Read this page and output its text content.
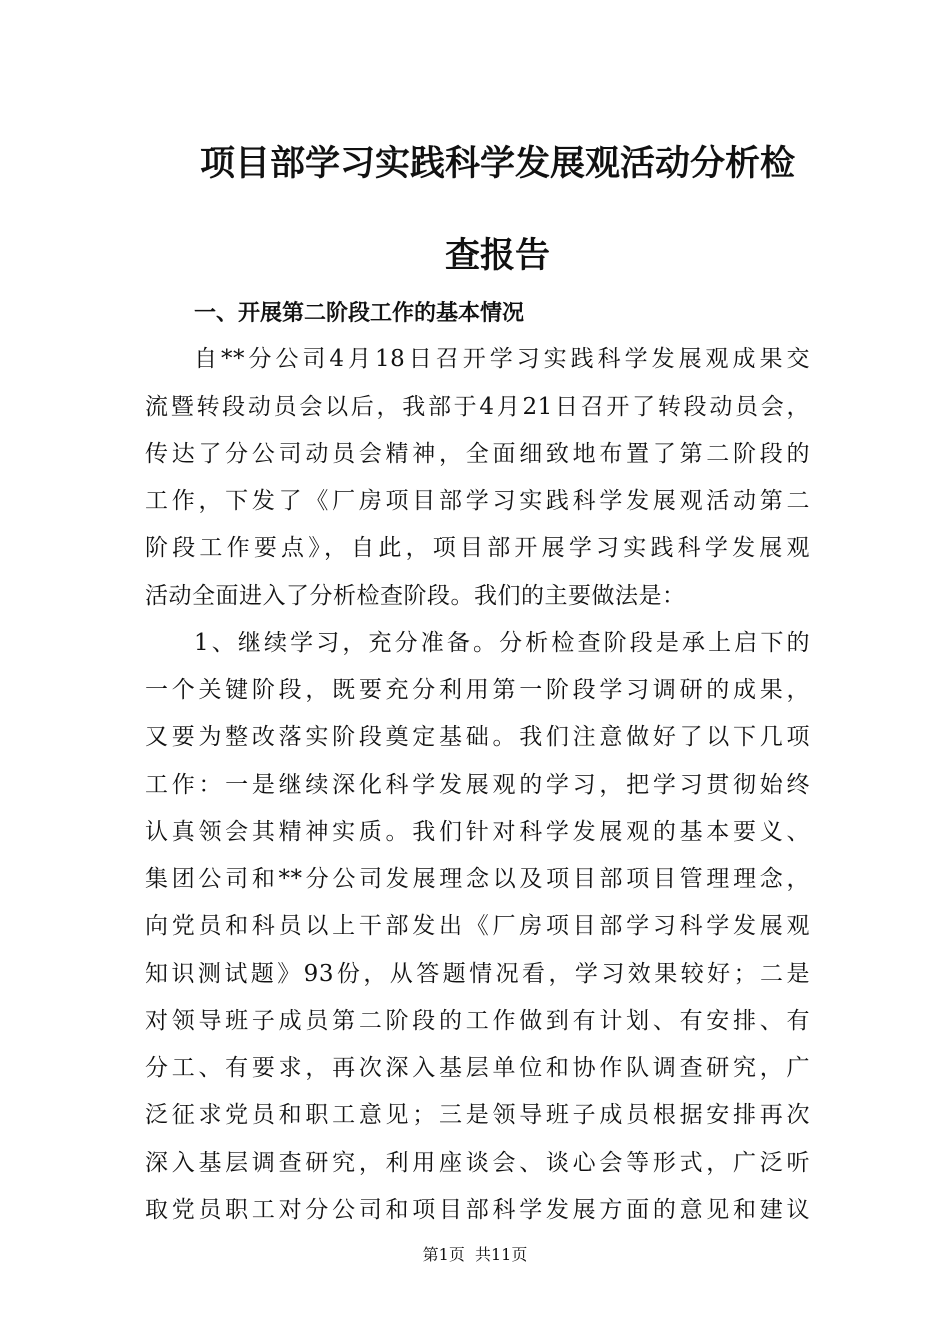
项目部学习实践科学发展观活动分析检
查报告
一、开展第二阶段工作的基本情况
自**分公司4月18日召开学习实践科学发展观成果交
流暨转段动员会以后，我部于4月21日召开了转段动员会，
传达了分公司动员会精神，全面细致地布置了第二阶段的
工作，下发了《厂房项目部学习实践科学发展观活动第二
阶段工作要点》，自此，项目部开展学习实践科学发展观
活动全面进入了分析检查阶段。我们的主要做法是：
1、继续学习，充分准备。分析检查阶段是承上启下的
一个关键阶段，既要充分利用第一阶段学习调研的成果，
又要为整改落实阶段奠定基础。我们注意做好了以下几项
工作：一是继续深化科学发展观的学习，把学习贯彻始终
认真领会其精神实质。我们针对科学发展观的基本要义、
集团公司和**分公司发展理念以及项目部项目管理理念，
向党员和科员以上干部发出《厂房项目部学习科学发展观
知识测试题》93份，从答题情况看，学习效果较好；二是
对领导班子成员第二阶段的工作做到有计划、有安排、有
分工、有要求，再次深入基层单位和协作队调查研究，广
泛征求党员和职工意见；三是领导班子成员根据安排再次
深入基层调查研究，利用座谈会、谈心会等形式，广泛听
取党员职工对分公司和项目部科学发展方面的意见和建议
第1页  共11页
